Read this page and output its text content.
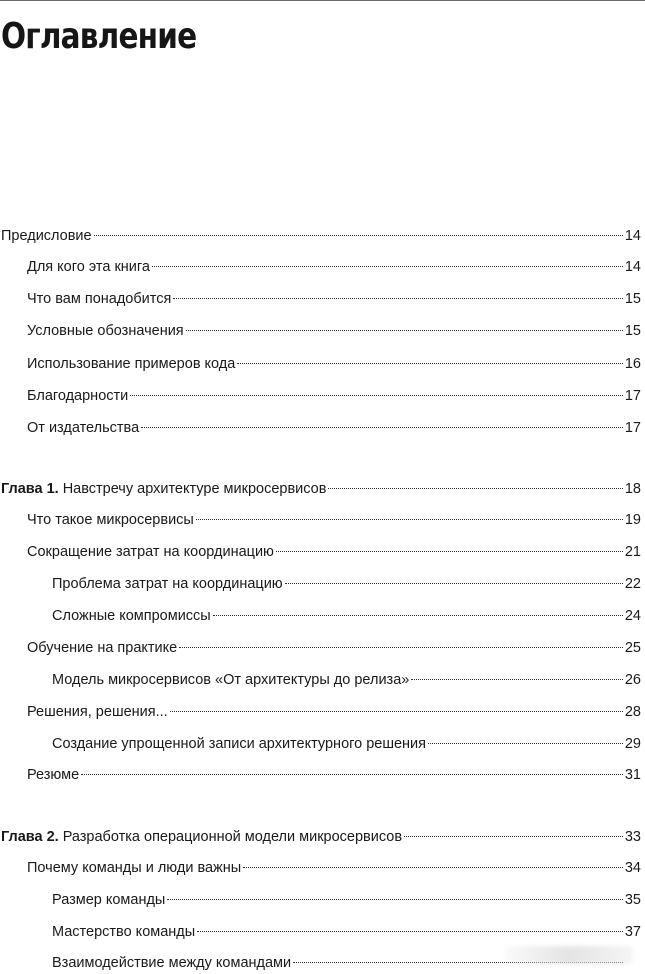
Оглавление
Предисловие	14
Для кого эта книга	14
Что вам понадобится	15
Условные обозначения	15
Использование примеров кода	16
Благодарности	17
От издательства	17
Глава 1. Навстречу архитектуре микросервисов	18
Что такое микросервисы	19
Сокращение затрат на координацию	21
Проблема затрат на координацию	22
Сложные компромиссы	24
Обучение на практике	25
Модель микросервисов «От архитектуры до релиза»	26
Решения, решения...	28
Создание упрощенной записи архитектурного решения	29
Резюме	31
Глава 2. Разработка операционной модели микросервисов	33
Почему команды и люди важны	34
Размер команды	35
Мастерство команды	37
Взаимодействие между командами
